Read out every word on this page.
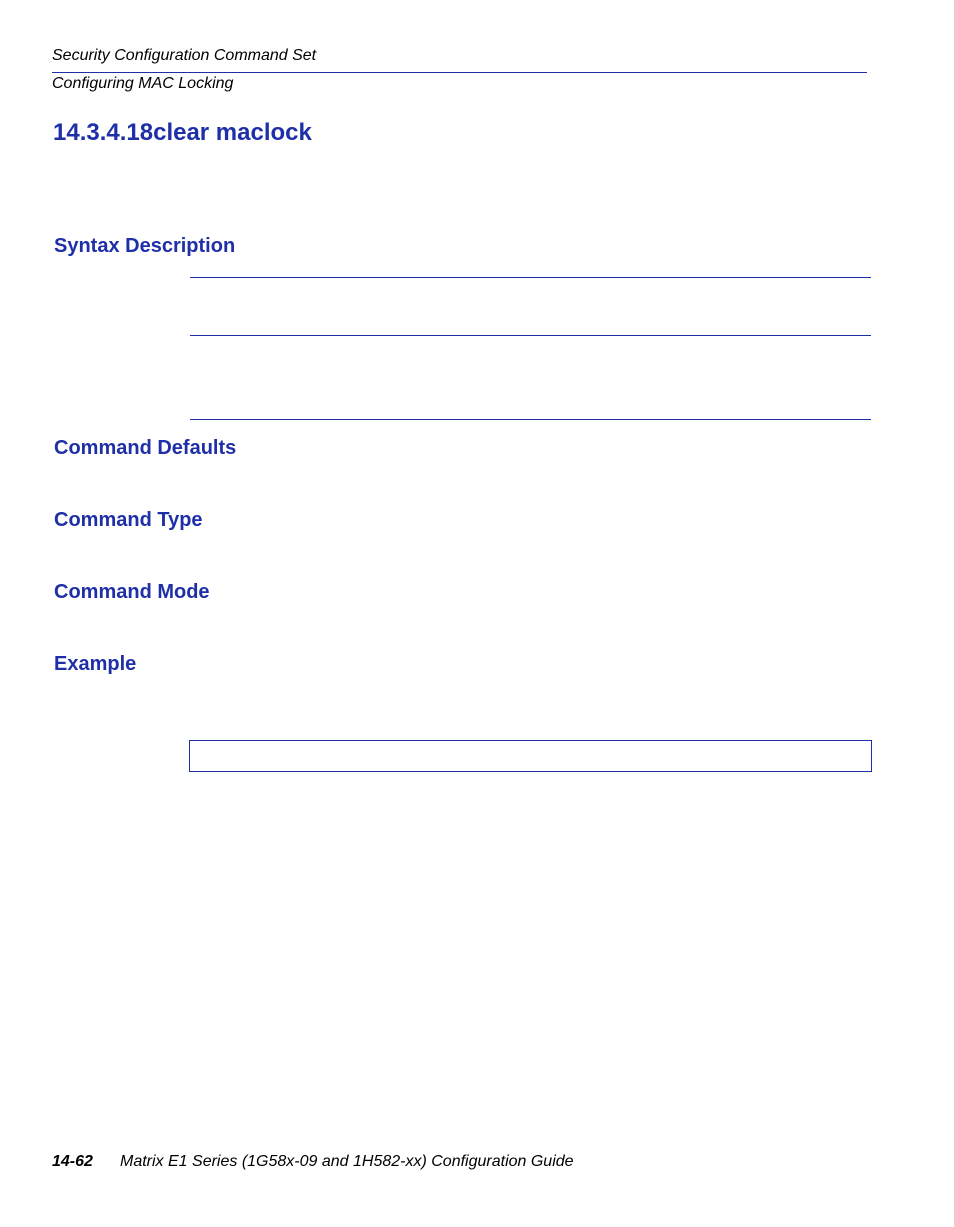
Security Configuration Command Set
Configuring MAC Locking
14.3.4.18clear maclock
Syntax Description
Command Defaults
Command Type
Command Mode
Example
14-62 Matrix E1 Series (1G58x-09 and 1H582-xx) Configuration Guide
